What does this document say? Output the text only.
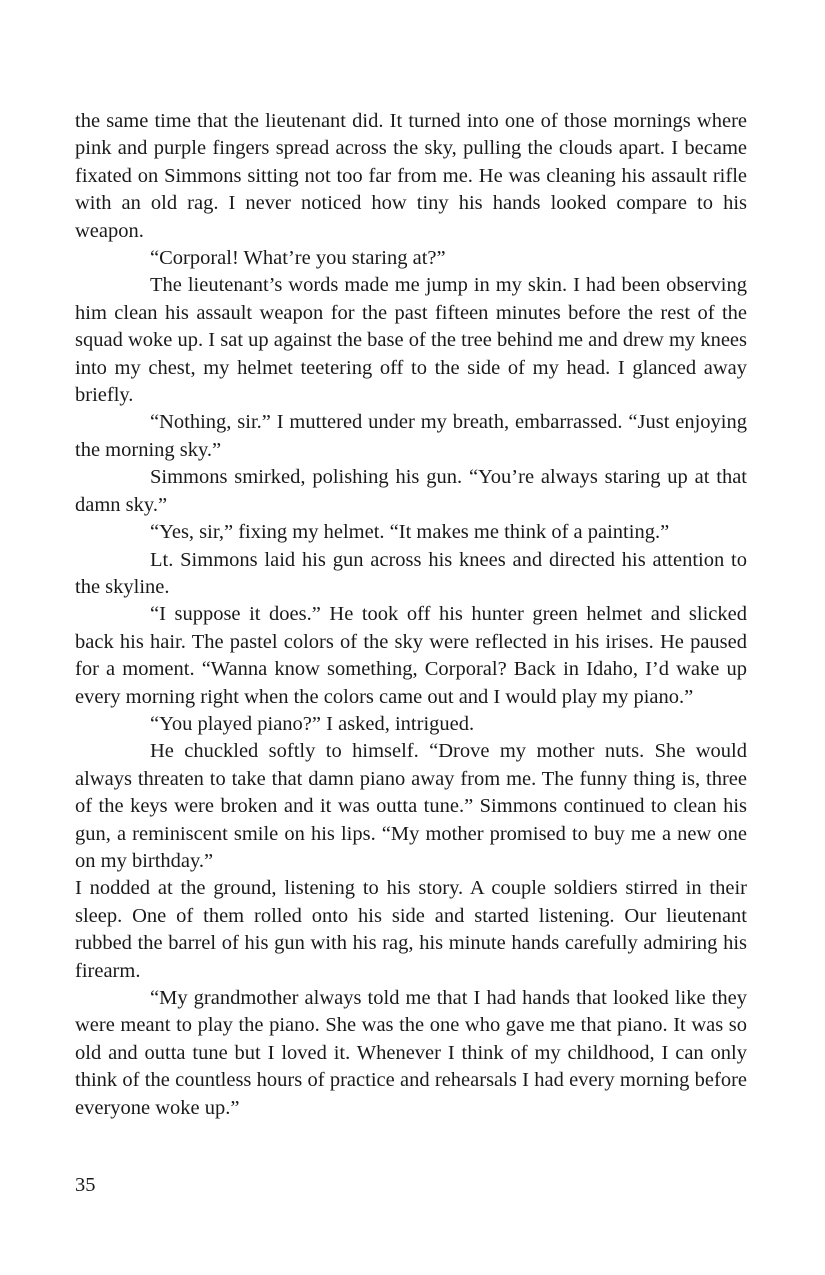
the same time that the lieutenant did. It turned into one of those mornings where pink and purple fingers spread across the sky, pulling the clouds apart. I became fixated on Simmons sitting not too far from me. He was cleaning his assault rifle with an old rag. I never noticed how tiny his hands looked compare to his weapon.

“Corporal! What’re you staring at?”

The lieutenant’s words made me jump in my skin. I had been observing him clean his assault weapon for the past fifteen minutes before the rest of the squad woke up. I sat up against the base of the tree behind me and drew my knees into my chest, my helmet teetering off to the side of my head. I glanced away briefly.

“Nothing, sir.” I muttered under my breath, embarrassed. “Just enjoying the morning sky.”

Simmons smirked, polishing his gun. “You’re always staring up at that damn sky.”

“Yes, sir,” fixing my helmet. “It makes me think of a painting.”

Lt. Simmons laid his gun across his knees and directed his attention to the skyline.

“I suppose it does.” He took off his hunter green helmet and slicked back his hair. The pastel colors of the sky were reflected in his irises. He paused for a moment. “Wanna know something, Corporal? Back in Idaho, I’d wake up every morning right when the colors came out and I would play my piano.”

“You played piano?” I asked, intrigued.

He chuckled softly to himself. “Drove my mother nuts. She would always threaten to take that damn piano away from me. The funny thing is, three of the keys were broken and it was outta tune.” Simmons continued to clean his gun, a reminiscent smile on his lips. “My mother promised to buy me a new one on my birthday.”

I nodded at the ground, listening to his story. A couple soldiers stirred in their sleep. One of them rolled onto his side and started listening. Our lieutenant rubbed the barrel of his gun with his rag, his minute hands carefully admiring his firearm.

“My grandmother always told me that I had hands that looked like they were meant to play the piano. She was the one who gave me that piano. It was so old and outta tune but I loved it. Whenever I think of my childhood, I can only think of the countless hours of practice and rehearsals I had every morning before everyone woke up.”

35
